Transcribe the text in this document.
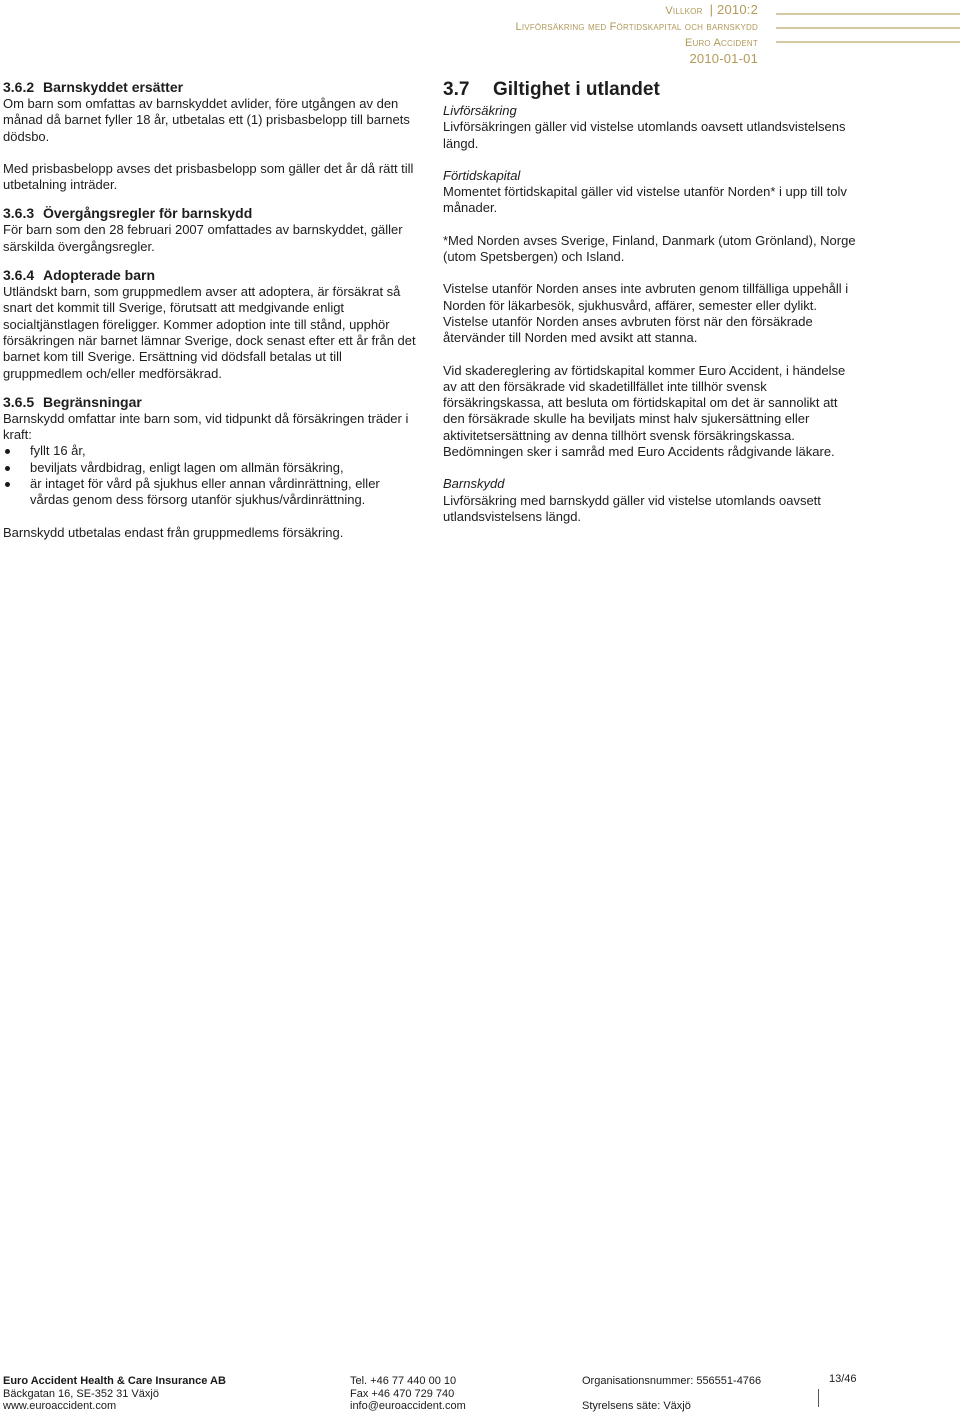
Villkor  | 2010:2
Livförsäkring med Förtidskapital och barnskydd
Euro Accident
2010-01-01
3.6.2 Barnskyddet ersätter

Om barn som omfattas av barnskyddet avlider, före utgången av den månad då barnet fyller 18 år, utbetalas ett (1) prisbasbelopp till barnets dödsbo.

Med prisbasbelopp avses det prisbasbelopp som gäller det år då rätt till utbetalning inträder.

3.6.3 Övergångsregler för barnskydd

För barn som den 28 februari 2007 omfattades av barnskyddet, gäller särskilda övergångsregler.

3.6.4 Adopterade barn

Utländskt barn, som gruppmedlem avser att adoptera, är försäkrat så snart det kommit till Sverige, förutsatt att medgivande enligt socialtjänstlagen föreligger. Kommer adoption inte till stånd, upphör försäkringen när barnet lämnar Sverige, dock senast efter ett år från det barnet kom till Sverige. Ersättning vid dödsfall betalas ut till gruppmedlem och/eller medförsäkrad.

3.6.5 Begränsningar

Barnskydd omfattar inte barn som, vid tidpunkt då försäkringen träder i kraft:

fyllt 16 år,
beviljats vårdbidrag, enligt lagen om allmän försäkring,
är intaget för vård på sjukhus eller annan vårdinrättning, eller vårdas genom dess försorg utanför sjukhus/vårdinrättning.

Barnskydd utbetalas endast från gruppmedlems försäkring.

3.7 Giltighet i utlandet

Livförsäkring

Livförsäkringen gäller vid vistelse utomlands oavsett utlandsvistelsens längd.

Förtidskapital

Momentet förtidskapital gäller vid vistelse utanför Norden* i upp till tolv månader.

*Med Norden avses Sverige, Finland, Danmark (utom Grönland), Norge (utom Spetsbergen) och Island.

Vistelse utanför Norden anses inte avbruten genom tillfälliga uppehåll i Norden för läkarbesök, sjukhusvård, affärer, semester eller dylikt. Vistelse utanför Norden anses avbruten först när den försäkrade återvänder till Norden med avsikt att stanna.

Vid skadereglering av förtidskapital kommer Euro Accident, i händelse av att den försäkrade vid skadetillfället inte tillhör svensk försäkringskassa, att besluta om förtidskapital om det är sannolikt att den försäkrade skulle ha beviljats minst halv sjukersättning eller aktivitetsersättning av denna tillhört svensk försäkringskassa. Bedömningen sker i samråd med Euro Accidents rådgivande läkare.

Barnskydd

Livförsäkring med barnskydd gäller vid vistelse utomlands oavsett utlandsvistelsens längd.

Euro Accident Health & Care Insurance AB
Bäckgatan 16, SE-352 31 Växjö
www.euroaccident.com
Tel. +46 77 440 00 10
Fax +46 470 729 740
info@euroaccident.com
Organisationsnummer: 556551-4766
Styrelsens säte: Växjö
13/46
